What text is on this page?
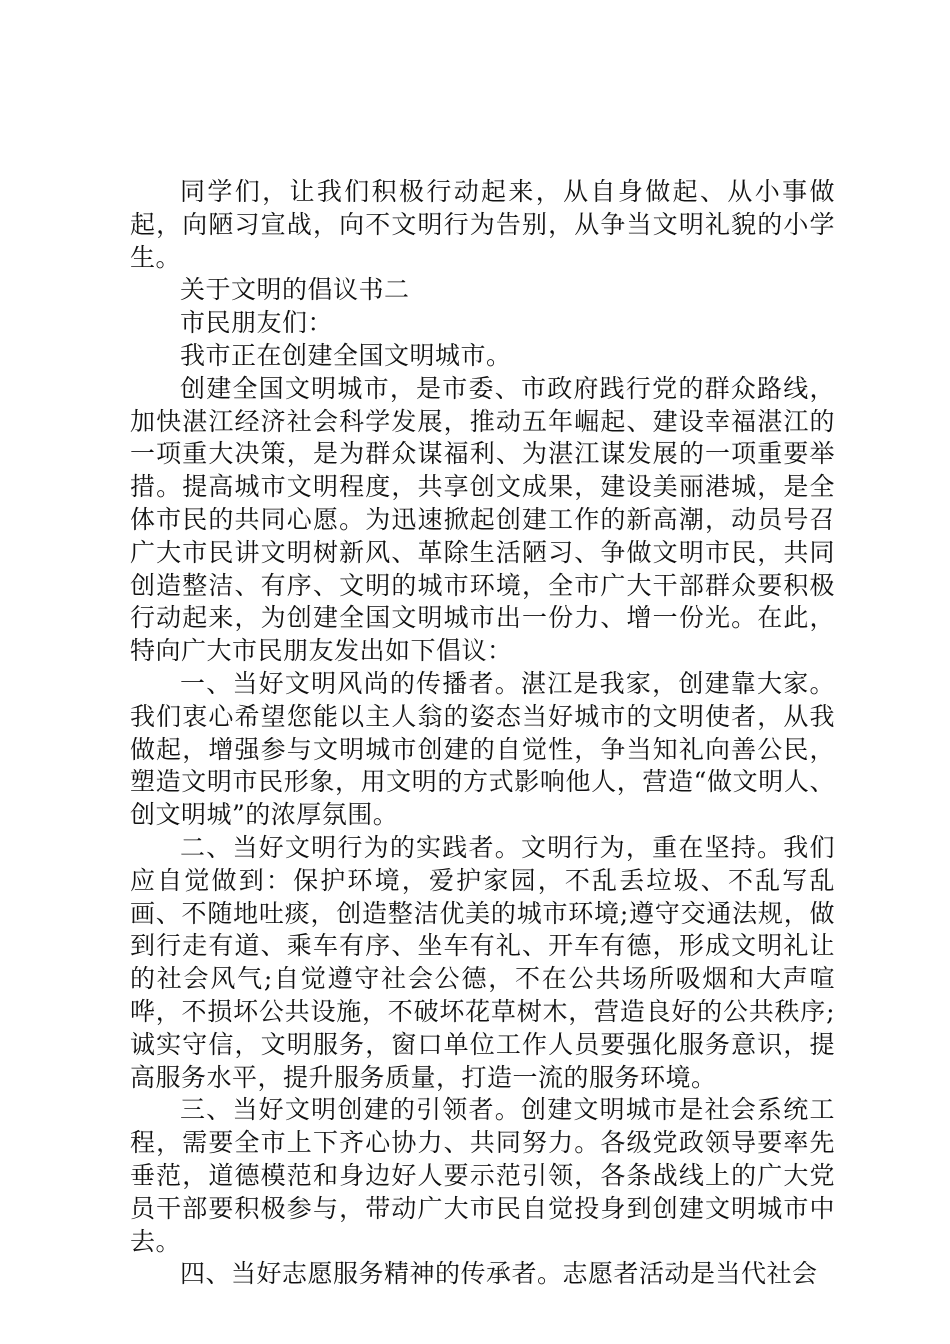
同学们，让我们积极行动起来，从自身做起、从小事做起，向陋习宣战，向不文明行为告别，从争当文明礼貌的小学生。

关于文明的倡议书二

市民朋友们：

我市正在创建全国文明城市。

创建全国文明城市，是市委、市政府践行党的群众路线，加快湛江经济社会科学发展，推动五年崛起、建设幸福湛江的一项重大决策，是为群众谋福利、为湛江谋发展的一项重要举措。提高城市文明程度，共享创文成果，建设美丽港城，是全体市民的共同心愿。为迅速掀起创建工作的新高潮，动员号召广大市民讲文明树新风、革除生活陋习、争做文明市民，共同创造整洁、有序、文明的城市环境，全市广大干部群众要积极行动起来，为创建全国文明城市出一份力、增一份光。在此，特向广大市民朋友发出如下倡议：

一、当好文明风尚的传播者。湛江是我家，创建靠大家。我们衷心希望您能以主人翁的姿态当好城市的文明使者，从我做起，增强参与文明城市创建的自觉性，争当知礼向善公民，塑造文明市民形象，用文明的方式影响他人，营造“做文明人、创文明城”的浓厚氛围。

二、当好文明行为的实践者。文明行为，重在坚持。我们应自觉做到：保护环境，爱护家园，不乱丢垃圾、不乱写乱画、不随地吐痰，创造整洁优美的城市环境;遵守交通法规，做到行走有道、乘车有序、坐车有礼、开车有德，形成文明礼让的社会风气;自觉遵守社会公德，不在公共场所吸烟和大声喧哗，不损坏公共设施，不破坏花草树木，营造良好的公共秩序;诚实守信，文明服务，窗口单位工作人员要强化服务意识，提高服务水平，提升服务质量，打造一流的服务环境。

三、当好文明创建的引领者。创建文明城市是社会系统工程，需要全市上下齐心协力、共同努力。各级党政领导要率先垂范，道德模范和身边好人要示范引领，各条战线上的广大党员干部要积极参与，带动广大市民自觉投身到创建文明城市中去。

四、当好志愿服务精神的传承者。志愿者活动是当代社会
